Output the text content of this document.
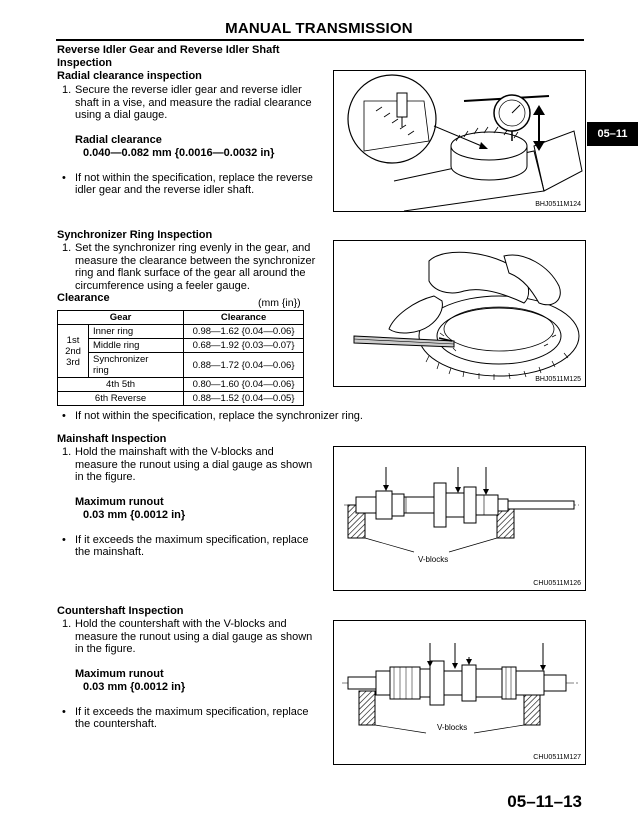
MANUAL TRANSMISSION
05–11
Reverse Idler Gear and Reverse Idler Shaft Inspection
Radial clearance inspection
1. Secure the reverse idler gear and reverse idler
shaft in a vise, and measure the radial clearance
using a dial gauge.
Radial clearance
0.040—0.082 mm {0.0016—0.0032 in}
• If not within the specification, replace the reverse
idler gear and the reverse idler shaft.
BHJ0511M124
Synchronizer Ring Inspection
1. Set the synchronizer ring evenly in the gear, and
measure the clearance between the synchronizer
ring and flank surface of the gear all around the
circumference using a feeler gauge.
Clearance	(mm {in})
Gear		Clearance

1st
2nd
3rd	Inner ring	0.98—1.62 {0.04—0.06}
	Middle ring	0.68—1.92 {0.03—0.07}

	Synchronizer
ring	0.88—1.72 {0.04—0.06}
4th 5th		0.80—1.60 {0.04—0.06}
6th Reverse		0.88—1.52 {0.04—0.05}
BHJ0511M125
• If not within the specification, replace the synchronizer ring.
Mainshaft Inspection
1. Hold the mainshaft with the V-blocks and
measure the runout using a dial gauge as shown
in the figure.
Maximum runout
0.03 mm {0.0012 in}
• If it exceeds the maximum specification, replace
the mainshaft.
V-blocks
CHU0511M126
Countershaft Inspection
1. Hold the countershaft with the V-blocks and
measure the runout using a dial gauge as shown
in the figure.
Maximum runout
0.03 mm {0.0012 in}
• If it exceeds the maximum specification, replace
the countershaft.	V-blocks
CHU0511M127
05–11–13
